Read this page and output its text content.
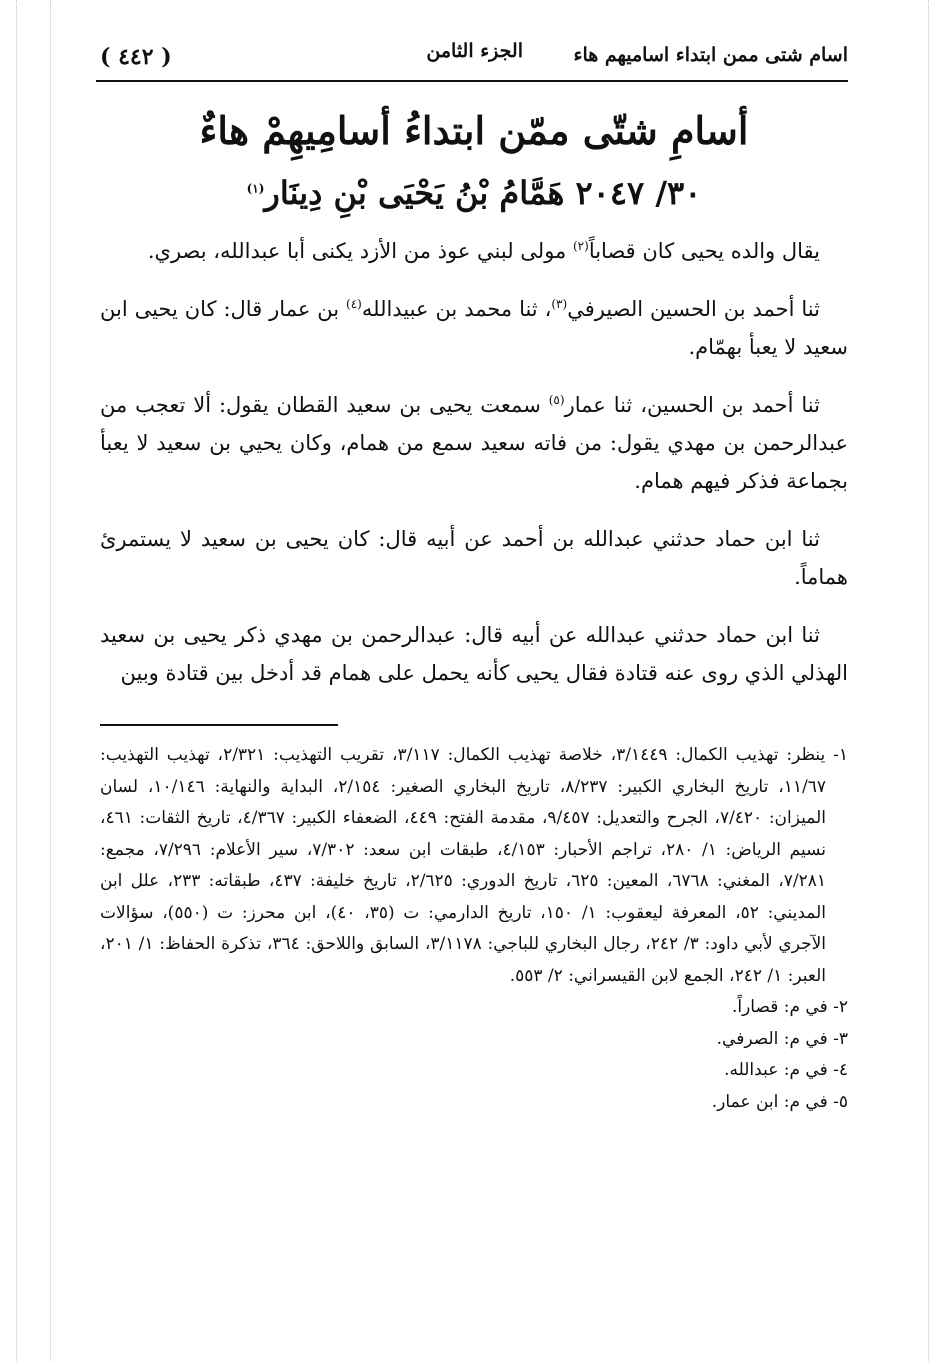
اسام شتى ممن ابتداء اساميهم هاء
الجزء الثامن
( ٤٤٢ )
أسامِ شتّى ممّن ابتداءُ أسامِيهِمْ هاءٌ
٣٠/ ٢٠٤٧ هَمَّامُ بْنُ يَحْيَى بْنِ دِينَار$^{(١)}$

يقال والده يحيى كان قصاباً$^{(٢)}$ مولى لبني عوذ من الأزد يكنى أبا عبدالله، بصري.

ثنا أحمد بن الحسين الصيرفي$^{(٣)}$، ثنا محمد بن عبيدالله$^{(٤)}$ بن عمار قال: كان يحيى ابن سعيد لا يعبأ بهمّام.

ثنا أحمد بن الحسين، ثنا عمار$^{(٥)}$ سمعت يحيى بن سعيد القطان يقول: ألا تعجب من عبدالرحمن بن مهدي يقول: من فاته سعيد سمع من همام، وكان يحيي بن سعيد لا يعبأ بجماعة فذكر فيهم همام.

ثنا ابن حماد حدثني عبدالله بن أحمد عن أبيه قال: كان يحيى بن سعيد لا يستمرئ هماماً.

ثنا ابن حماد حدثني عبدالله عن أبيه قال: عبدالرحمن بن مهدي ذكر يحيى بن سعيد الهذلي الذي روى عنه قتادة فقال يحيى كأنه يحمل على همام قد أدخل بين قتادة وبين

١- ينظر: تهذيب الكمال: ٣/١٤٤٩، خلاصة تهذيب الكمال: ٣/١١٧، تقريب التهذيب: ٢/٣٢١، تهذيب التهذيب: ١١/٦٧، تاريخ البخاري الكبير: ٨/٢٣٧، تاريخ البخاري الصغير: ٢/١٥٤، البداية والنهاية: ١٠/١٤٦، لسان الميزان: ٧/٤٢٠، الجرح والتعديل: ٩/٤٥٧، مقدمة الفتح: ٤٤٩، الضعفاء الكبير: ٤/٣٦٧، تاريخ الثقات: ٤٦١، نسيم الرياض: ١/ ٢٨٠، تراجم الأحبار: ٤/١٥٣، طبقات ابن سعد: ٧/٣٠٢، سير الأعلام: ٧/٢٩٦، مجمع: ٧/٢٨١، المغني: ٦٧٦٨، المعين: ٦٢٥، تاريخ الدوري: ٢/٦٢٥، تاريخ خليفة: ٤٣٧، طبقاته: ٢٣٣، علل ابن المديني: ٥٢، المعرفة ليعقوب: ١/ ١٥٠، تاريخ الدارمي: ت (٣٥، ٤٠)، ابن محرز: ت (٥٥٠)، سؤالات الآجري لأبي داود: ٣/ ٢٤٢، رجال البخاري للباجي: ٣/١١٧٨، السابق واللاحق: ٣٦٤، تذكرة الحفاظ: ١/ ٢٠١، العبر: ١/ ٢٤٢، الجمع لابن القيسراني: ٢/ ٥٥٣.
٢- في م: قصاراً.
٣- في م: الصرفي.
٤- في م: عبدالله.
٥- في م: ابن عمار.
